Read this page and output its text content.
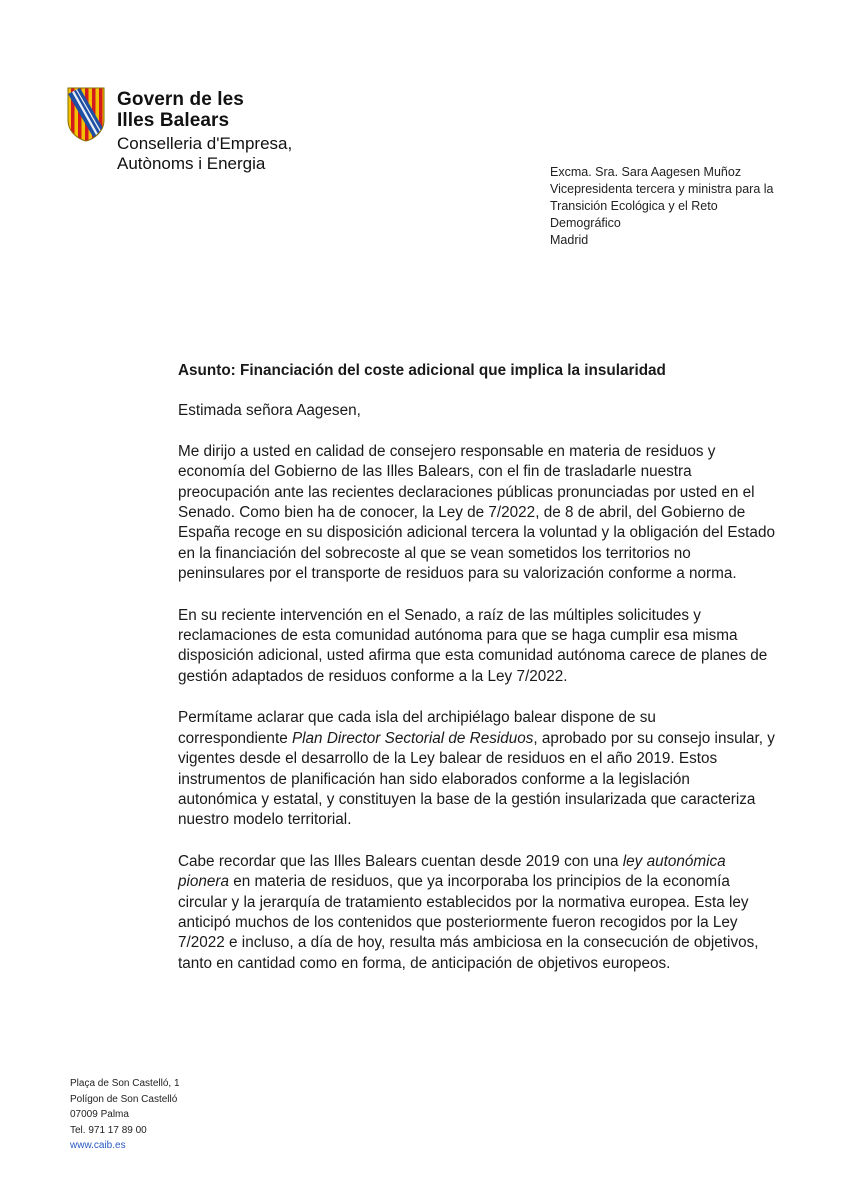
Govern de les
Illes Balears
Conselleria d'Empresa,
Autònoms i Energia	Excma. Sra. Sara Aagesen Muñoz
Vicepresidenta tercera y ministra para la
Transición Ecológica y el Reto
Demográfico
Madrid
Asunto: Financiación del coste adicional que implica la insularidad
Estimada señora Aagesen,
Me dirijo a usted en calidad de consejero responsable en materia de residuos y
economía del Gobierno de las Illes Balears, con el fin de trasladarle nuestra
preocupación ante las recientes declaraciones públicas pronunciadas por usted en el
Senado. Como bien ha de conocer, la Ley de 7/2022, de 8 de abril, del Gobierno de
España recoge en su disposición adicional tercera la voluntad y la obligación del Estado
en la financiación del sobrecoste al que se vean sometidos los territorios no
peninsulares por el transporte de residuos para su valorización conforme a norma.
En su reciente intervención en el Senado, a raíz de las múltiples solicitudes y
reclamaciones de esta comunidad autónoma para que se haga cumplir esa misma
disposición adicional, usted afirma que esta comunidad autónoma carece de planes de
gestión adaptados de residuos conforme a la Ley 7/2022.
Permítame aclarar que cada isla del archipiélago balear dispone de su
correspondiente Plan Director Sectorial de Residuos, aprobado por su consejo insular, y
vigentes desde el desarrollo de la Ley balear de residuos en el año 2019. Estos
instrumentos de planificación han sido elaborados conforme a la legislación
autonómica y estatal, y constituyen la base de la gestión insularizada que caracteriza
nuestro modelo territorial.
Cabe recordar que las Illes Balears cuentan desde 2019 con una ley autonómica
pionera en materia de residuos, que ya incorporaba los principios de la economía
circular y la jerarquía de tratamiento establecidos por la normativa europea. Esta ley
anticipó muchos de los contenidos que posteriormente fueron recogidos por la Ley
7/2022 e incluso, a día de hoy, resulta más ambiciosa en la consecución de objetivos,
tanto en cantidad como en forma, de anticipación de objetivos europeos.
Plaça de Son Castelló, 1
Polígon de Son Castelló
07009 Palma
Tel. 971 17 89 00
www.caib.es
